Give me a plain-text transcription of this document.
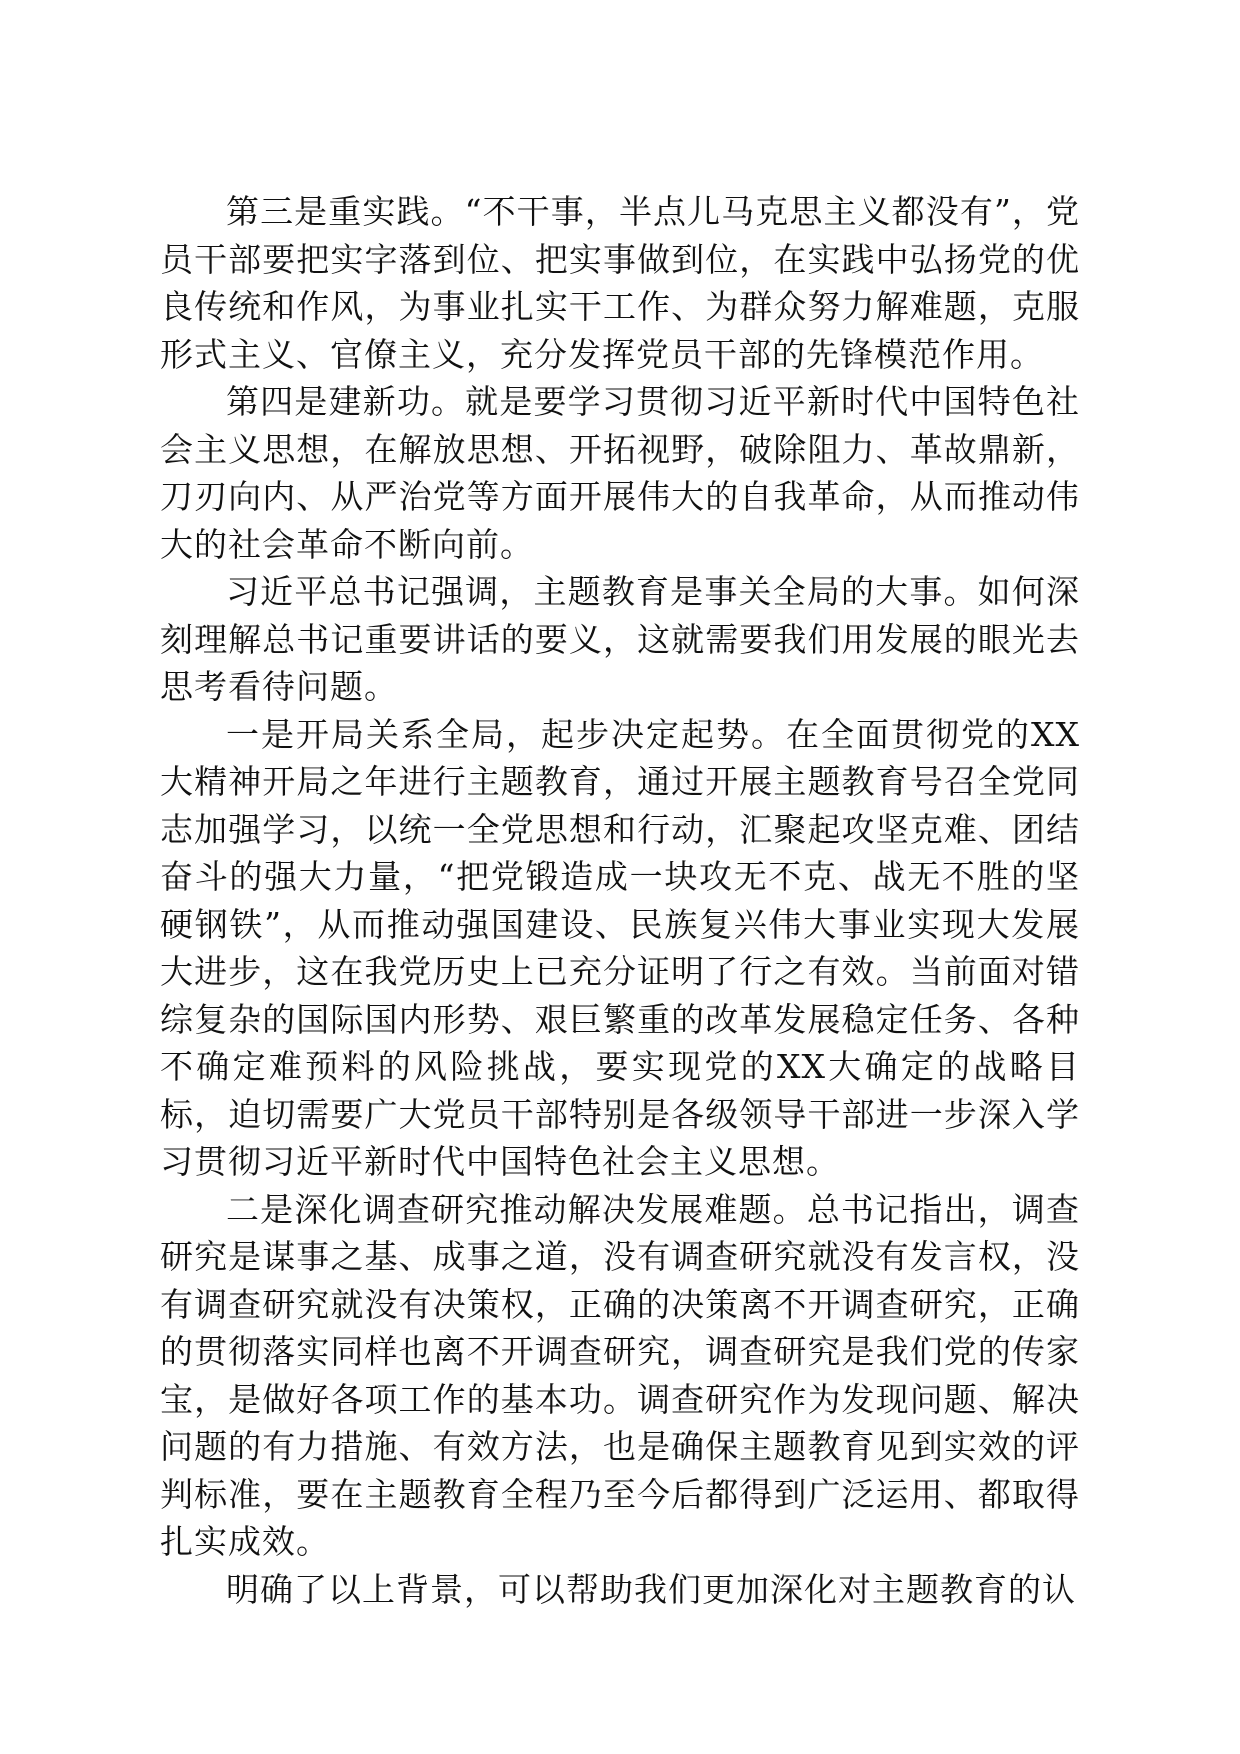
第三是重实践。“不干事，半点儿马克思主义都没有”，党员干部要把实字落到位、把实事做到位，在实践中弘扬党的优良传统和作风，为事业扎实干工作、为群众努力解难题，克服形式主义、官僚主义，充分发挥党员干部的先锋模范作用。

第四是建新功。就是要学习贯彻习近平新时代中国特色社会主义思想，在解放思想、开拓视野，破除阻力、革故鼎新，刀刃向内、从严治党等方面开展伟大的自我革命，从而推动伟大的社会革命不断向前。

习近平总书记强调，主题教育是事关全局的大事。如何深刻理解总书记重要讲话的要义，这就需要我们用发展的眼光去思考看待问题。

一是开局关系全局，起步决定起势。在全面贯彻党的XX大精神开局之年进行主题教育，通过开展主题教育号召全党同志加强学习，以统一全党思想和行动，汇聚起攻坚克难、团结奋斗的强大力量，“把党锻造成一块攻无不克、战无不胜的坚硬钢铁”，从而推动强国建设、民族复兴伟大事业实现大发展大进步，这在我党历史上已充分证明了行之有效。当前面对错综复杂的国际国内形势、艰巨繁重的改革发展稳定任务、各种不确定难预料的风险挑战，要实现党的XX大确定的战略目标，迫切需要广大党员干部特别是各级领导干部进一步深入学习贯彻习近平新时代中国特色社会主义思想。

二是深化调查研究推动解决发展难题。总书记指出，调查研究是谋事之基、成事之道，没有调查研究就没有发言权，没有调查研究就没有决策权，正确的决策离不开调查研究，正确的贯彻落实同样也离不开调查研究，调查研究是我们党的传家宝，是做好各项工作的基本功。调查研究作为发现问题、解决问题的有力措施、有效方法，也是确保主题教育见到实效的评判标准，要在主题教育全程乃至今后都得到广泛运用、都取得扎实成效。

明确了以上背景，可以帮助我们更加深化对主题教育的认
